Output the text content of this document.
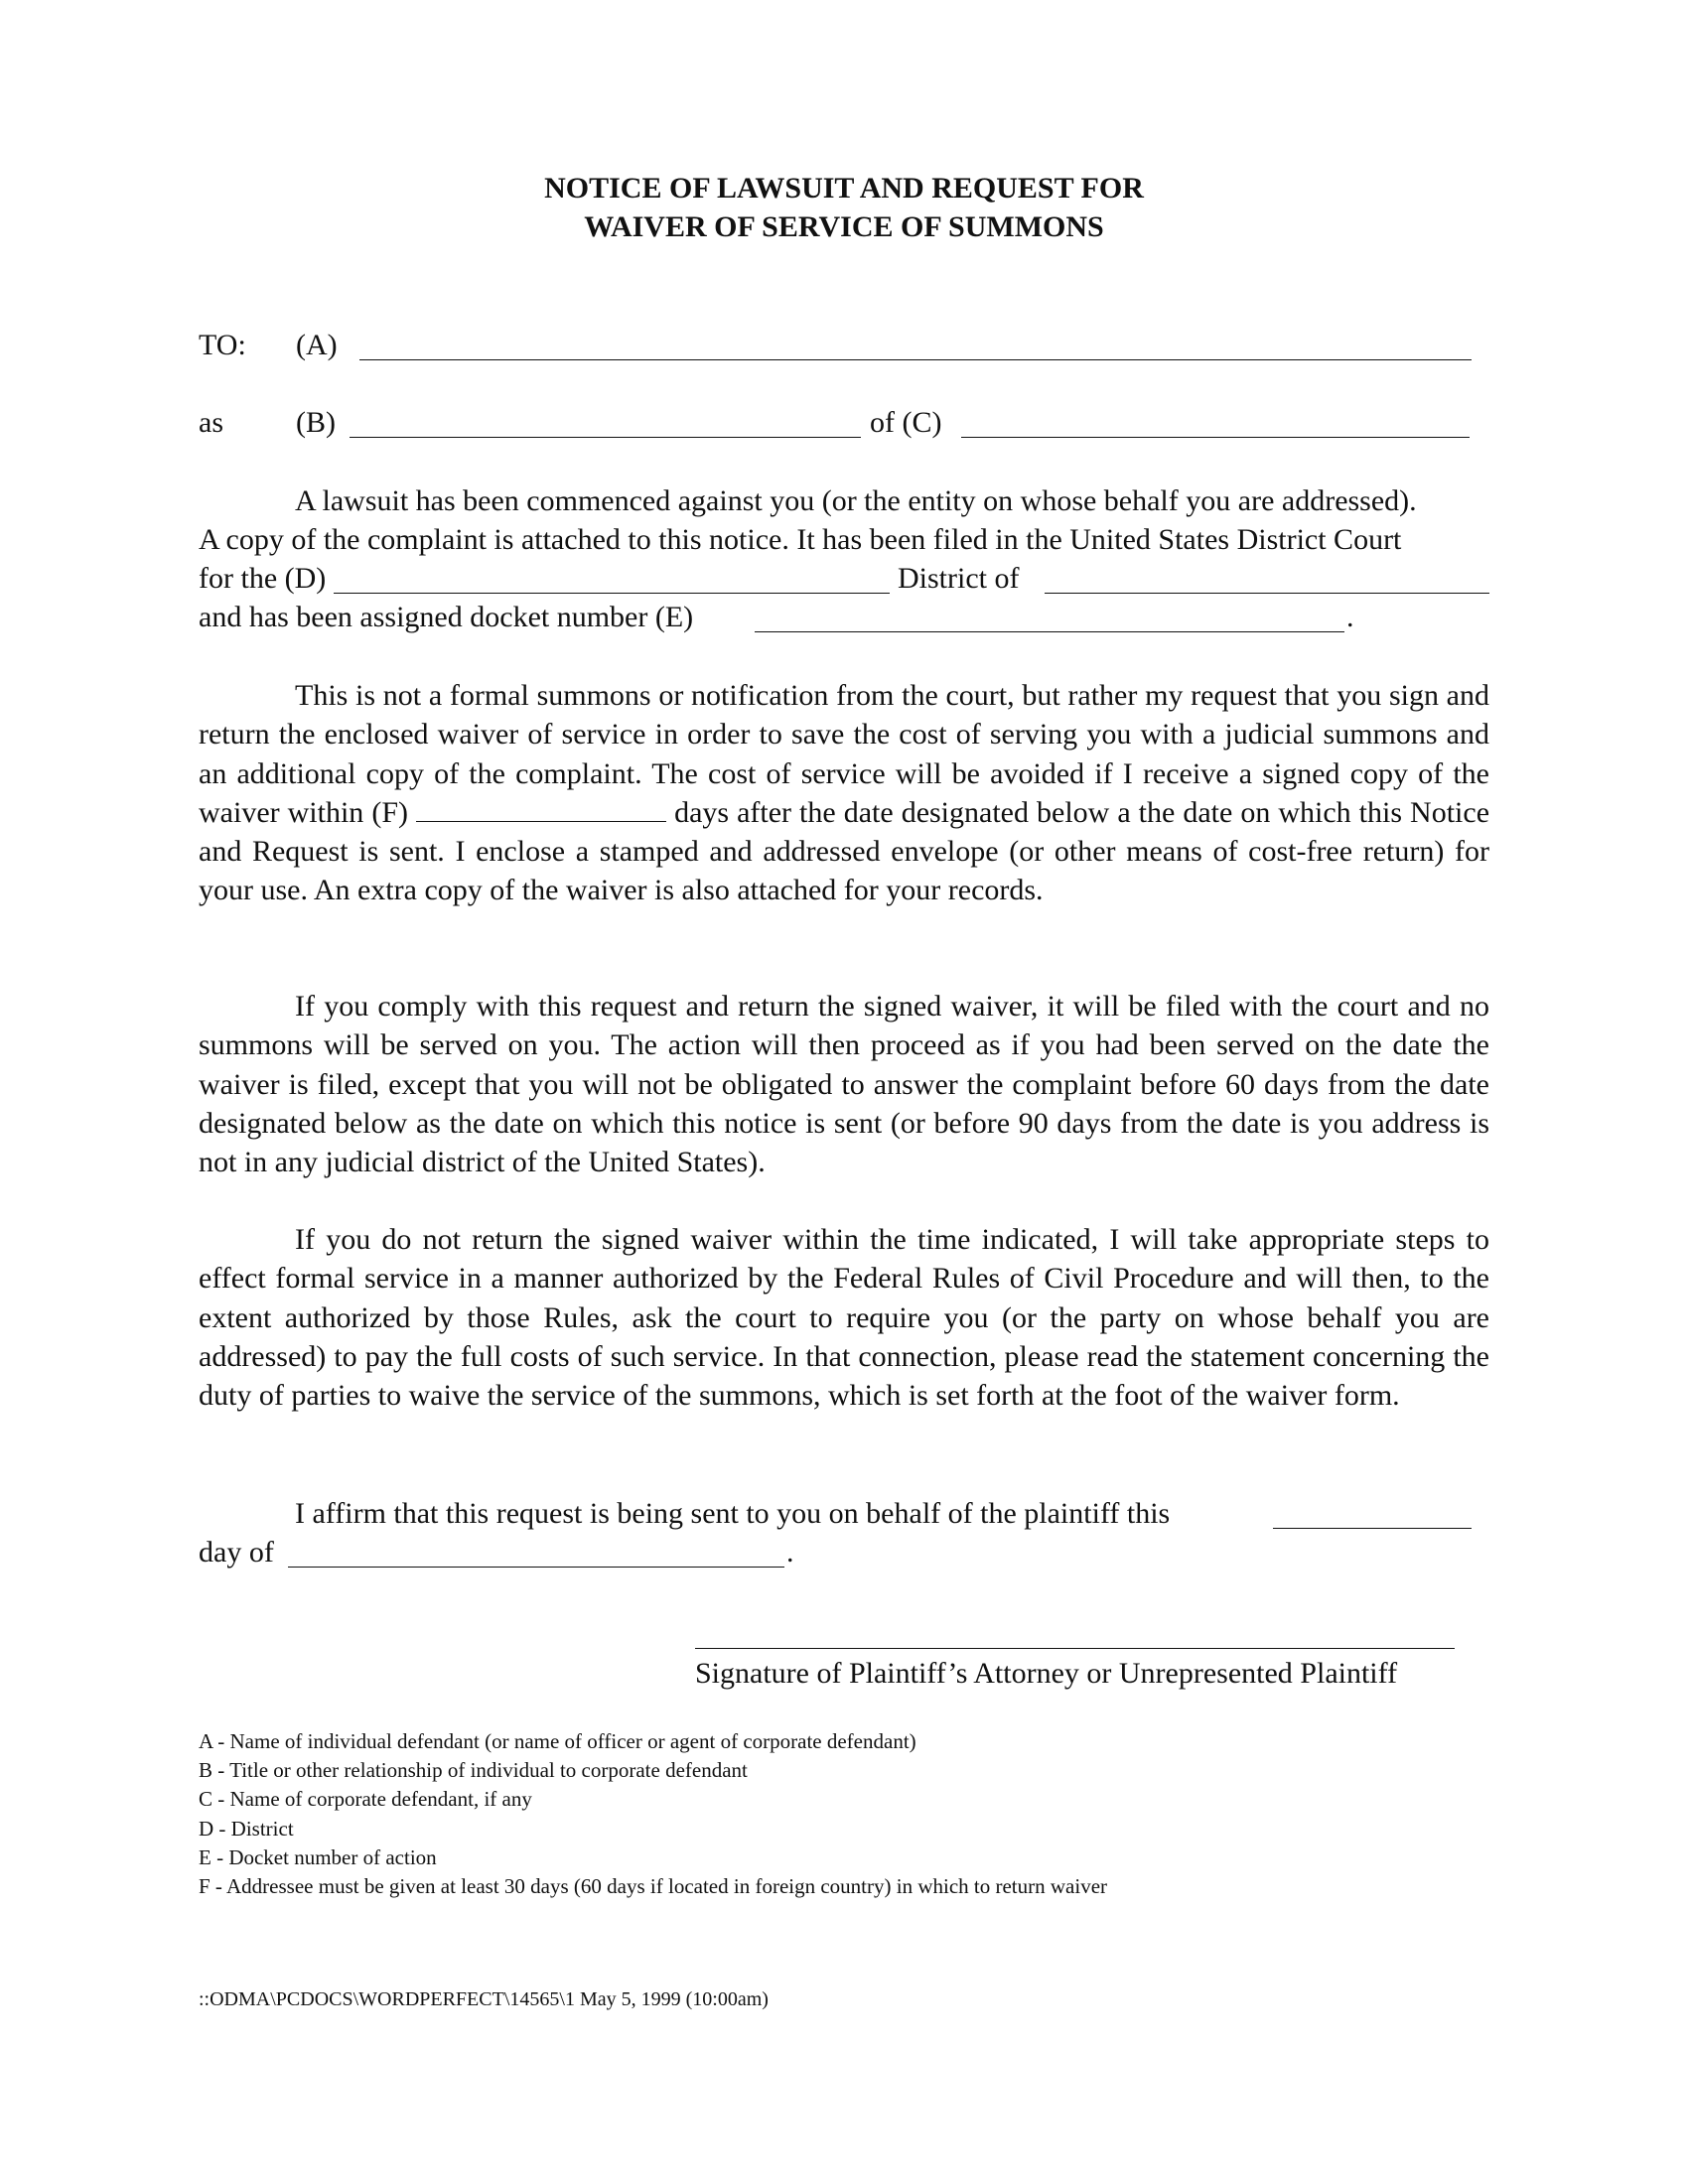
NOTICE OF LAWSUIT AND REQUEST FOR
WAIVER OF SERVICE OF SUMMONS
TO: (A)
as (B)	of (C)
A lawsuit has been commenced against you (or the entity on whose behalf you are addressed).
A copy of the complaint is attached to this notice. It has been filed in the United States District Court
for the (D)	District of
and has been assigned docket number (E)	.
This is not a formal summons or notification from the court, but rather my request that you sign and return the enclosed waiver of service in order to save the cost of serving you with a judicial summons and an additional copy of the complaint. The cost of service will be avoided if I receive a signed copy of the waiver within (F)	days after the date designated below a the date on which this Notice and Request is sent. I enclose a stamped and addressed envelope (or other means of cost-free return) for your use. An extra copy of the waiver is also attached for your records.
If you comply with this request and return the signed waiver, it will be filed with the court and no summons will be served on you. The action will then proceed as if you had been served on the date the waiver is filed, except that you will not be obligated to answer the complaint before 60 days from the date designated below as the date on which this notice is sent (or before 90 days from the date is you address is not in any judicial district of the United States).
If you do not return the signed waiver within the time indicated, I will take appropriate steps to effect formal service in a manner authorized by the Federal Rules of Civil Procedure and will then, to the extent authorized by those Rules, ask the court to require you (or the party on whose behalf you are addressed) to pay the full costs of such service. In that connection, please read the statement concerning the duty of parties to waive the service of the summons, which is set forth at the foot of the waiver form.
I affirm that this request is being sent to you on behalf of the plaintiff this
day of	.
Signature of Plaintiff’s Attorney or Unrepresented Plaintiff
A - Name of individual defendant (or name of officer or agent of corporate defendant)
B - Title or other relationship of individual to corporate defendant
C - Name of corporate defendant, if any
D - District
E - Docket number of action
F - Addressee must be given at least 30 days (60 days if located in foreign country) in which to return waiver
::ODMA\PCDOCS\WORDPERFECT\14565\1 May 5, 1999 (10:00am)
